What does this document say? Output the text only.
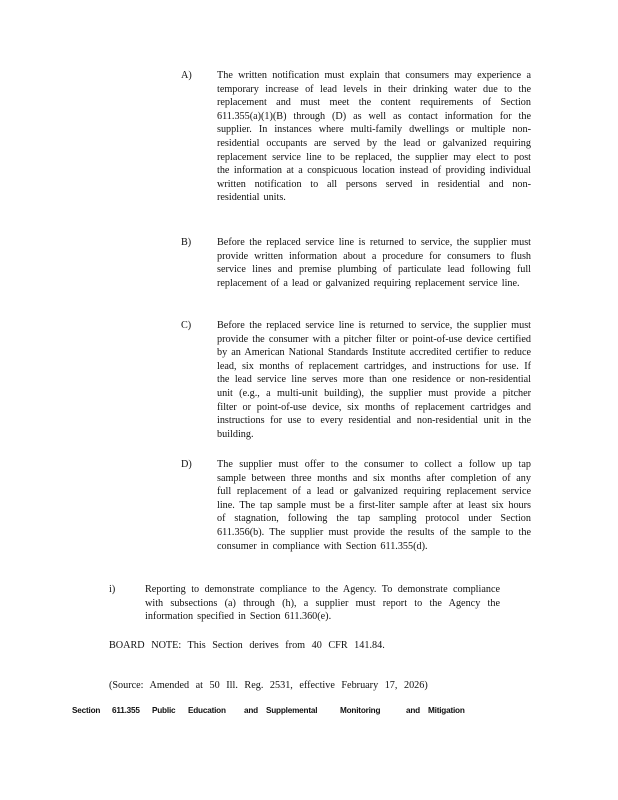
A)	The written notification must explain that consumers may experience a temporary increase of lead levels in their drinking water due to the replacement and must meet the content requirements of Section 611.355(a)(1)(B) through (D) as well as contact information for the supplier. In instances where multi-family dwellings or multiple non-residential occupants are served by the lead or galvanized requiring replacement service line to be replaced, the supplier may elect to post the information at a conspicuous location instead of providing individual written notification to all persons served in residential and non-residential units.
B)	Before the replaced service line is returned to service, the supplier must provide written information about a procedure for consumers to flush service lines and premise plumbing of particulate lead following full replacement of a lead or galvanized requiring replacement service line.
C)	Before the replaced service line is returned to service, the supplier must provide the consumer with a pitcher filter or point-of-use device certified by an American National Standards Institute accredited certifier to reduce lead, six months of replacement cartridges, and instructions for use. If the lead service line serves more than one residence or non-residential unit (e.g., a multi-unit building), the supplier must provide a pitcher filter or point-of-use device, six months of replacement cartridges and instructions for use to every residential and non-residential unit in the building.
D)	The supplier must offer to the consumer to collect a follow up tap sample between three months and six months after completion of any full replacement of a lead or galvanized requiring replacement service line. The tap sample must be a first-liter sample after at least six hours of stagnation, following the tap sampling protocol under Section 611.356(b). The supplier must provide the results of the sample to the consumer in compliance with Section 611.355(d).
i)	Reporting to demonstrate compliance to the Agency. To demonstrate compliance with subsections (a) through (h), a supplier must report to the Agency the information specified in Section 611.360(e).
BOARD NOTE: This Section derives from 40 CFR 141.84.
(Source: Amended at 50 Ill. Reg. 2531, effective February 17, 2026)
Section 611.355 Public Education and Supplemental	Monitoring	and Mitigation
